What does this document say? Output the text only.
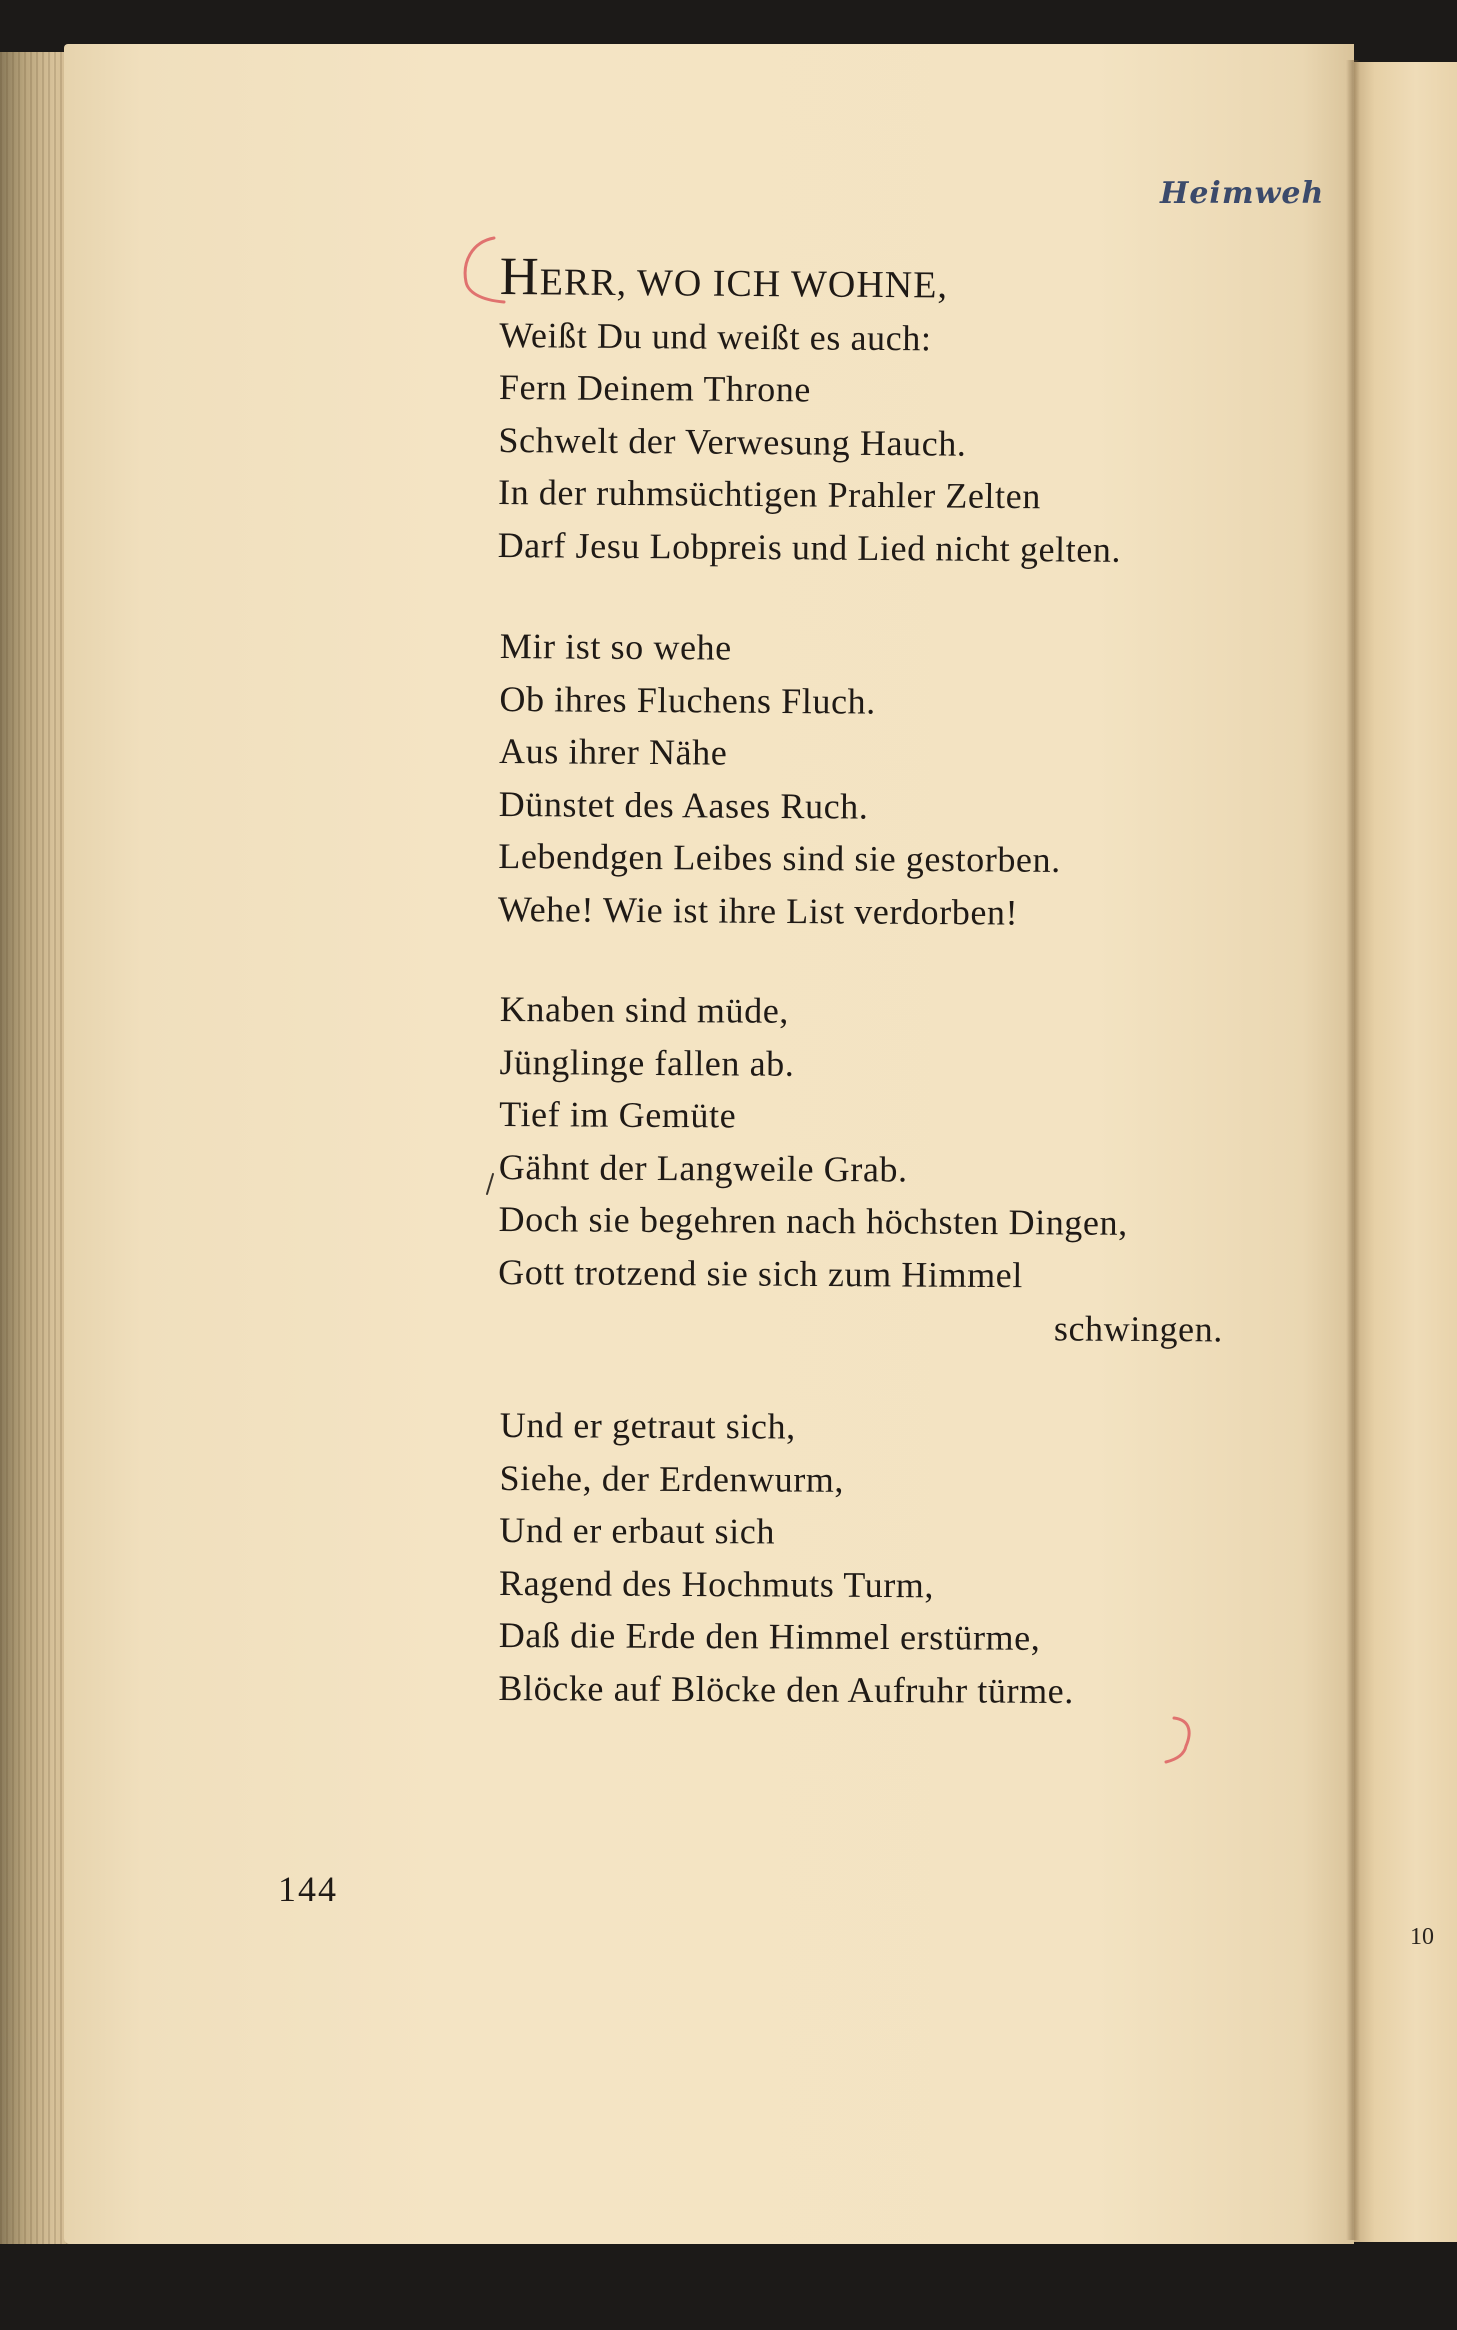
Heimweh
HERR, WO ICH WOHNE,
Weißt Du und weißt es auch:
Fern Deinem Throne
Schwelt der Verwesung Hauch.
In der ruhmsüchtigen Prahler Zelten
Darf Jesu Lobpreis und Lied nicht gelten.
Mir ist so wehe
Ob ihres Fluchens Fluch.
Aus ihrer Nähe
Dünstet des Aases Ruch.
Lebendgen Leibes sind sie gestorben.
Wehe! Wie ist ihre List verdorben!
Knaben sind müde,
Jünglinge fallen ab.
Tief im Gemüte
Gähnt der Langweile Grab.
Doch sie begehren nach höchsten Dingen,
Gott trotzend sie sich zum Himmel
schwingen.
Und er getraut sich,
Siehe, der Erdenwurm,
Und er erbaut sich
Ragend des Hochmuts Turm,
Daß die Erde den Himmel erstürme,
Blöcke auf Blöcke den Aufruhr türme.
144
10
